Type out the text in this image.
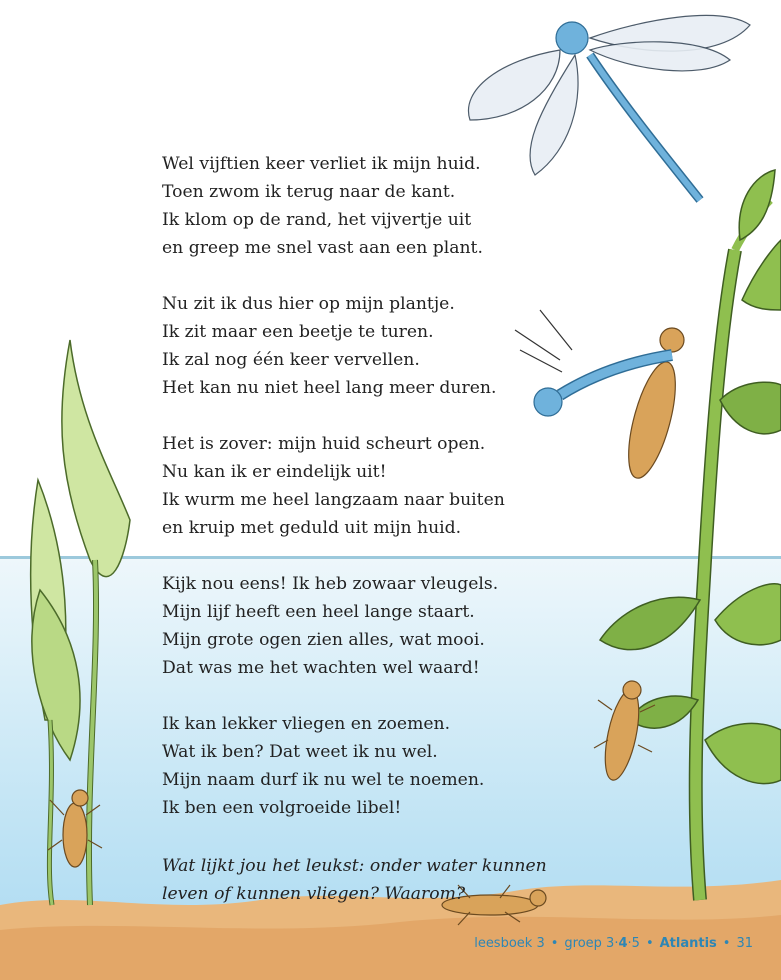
Wel vijftien keer verliet ik mijn huid.
Toen zwom ik terug naar de kant.
Ik klom op de rand, het vijvertje uit
en greep me snel vast aan een plant.
Nu zit ik dus hier op mijn plantje.
Ik zit maar een beetje te turen.
Ik zal nog één keer vervellen.
Het kan nu niet heel lang meer duren.
Het is zover: mijn huid scheurt open.
Nu kan ik er eindelijk uit!
Ik wurm me heel langzaam naar buiten
en kruip met geduld uit mijn huid.
Kijk nou eens! Ik heb zowaar vleugels.
Mijn lijf heeft een heel lange staart.
Mijn grote ogen zien alles, wat mooi.
Dat was me het wachten wel waard!
Ik kan lekker vliegen en zoemen.
Wat ik ben? Dat weet ik nu wel.
Mijn naam durf ik nu wel te noemen.
Ik ben een volgroeide libel!
Wat lijkt jou het leukst: onder water kunnen
leven of kunnen vliegen? Waarom?
leesboek 3 • groep 3·4·5 • Atlantis • 31
